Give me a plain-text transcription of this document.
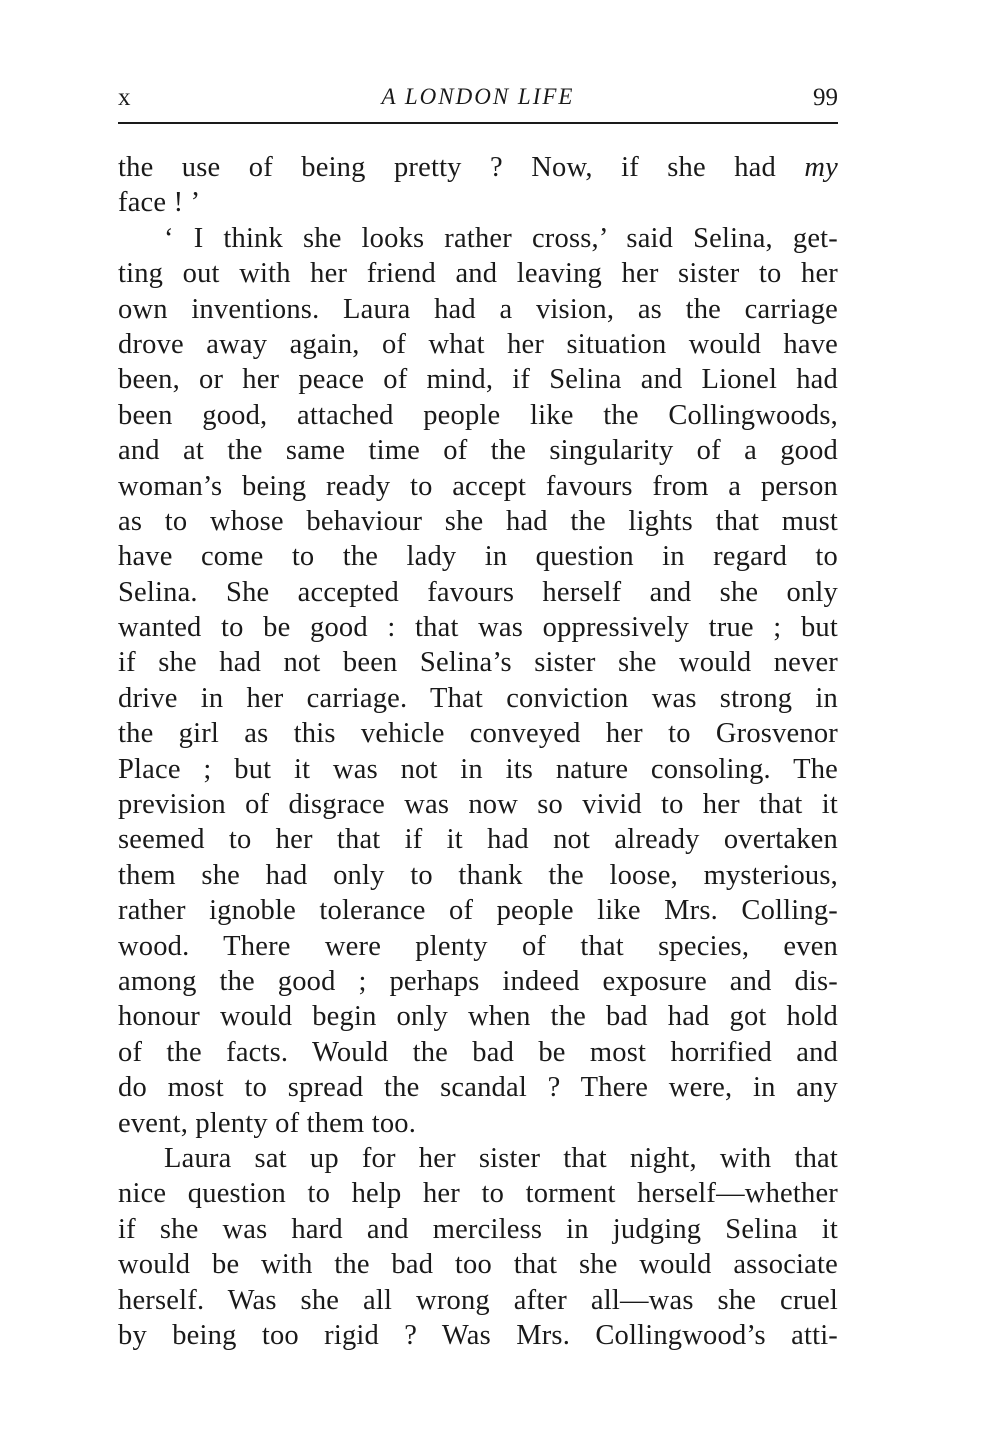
x	A LONDON LIFE	99
the use of being pretty ? Now, if she had my
face ! ’
‘ I think she looks rather cross,’ said Selina, get-
ting out with her friend and leaving her sister to her
own inventions. Laura had a vision, as the carriage
drove away again, of what her situation would have
been, or her peace of mind, if Selina and Lionel had
been good, attached people like the Collingwoods,
and at the same time of the singularity of a good
woman’s being ready to accept favours from a person
as to whose behaviour she had the lights that must
have come to the lady in question in regard to
Selina. She accepted favours herself and she only
wanted to be good : that was oppressively true ; but
if she had not been Selina’s sister she would never
drive in her carriage. That conviction was strong in
the girl as this vehicle conveyed her to Grosvenor
Place ; but it was not in its nature consoling. The
prevision of disgrace was now so vivid to her that it
seemed to her that if it had not already overtaken
them she had only to thank the loose, mysterious,
rather ignoble tolerance of people like Mrs. Colling-
wood. There were plenty of that species, even
among the good ; perhaps indeed exposure and dis-
honour would begin only when the bad had got hold
of the facts. Would the bad be most horrified and
do most to spread the scandal ? There were, in any
event, plenty of them too.
Laura sat up for her sister that night, with that
nice question to help her to torment herself—whether
if she was hard and merciless in judging Selina it
would be with the bad too that she would associate
herself. Was she all wrong after all—was she cruel
by being too rigid ? Was Mrs. Collingwood’s atti-
